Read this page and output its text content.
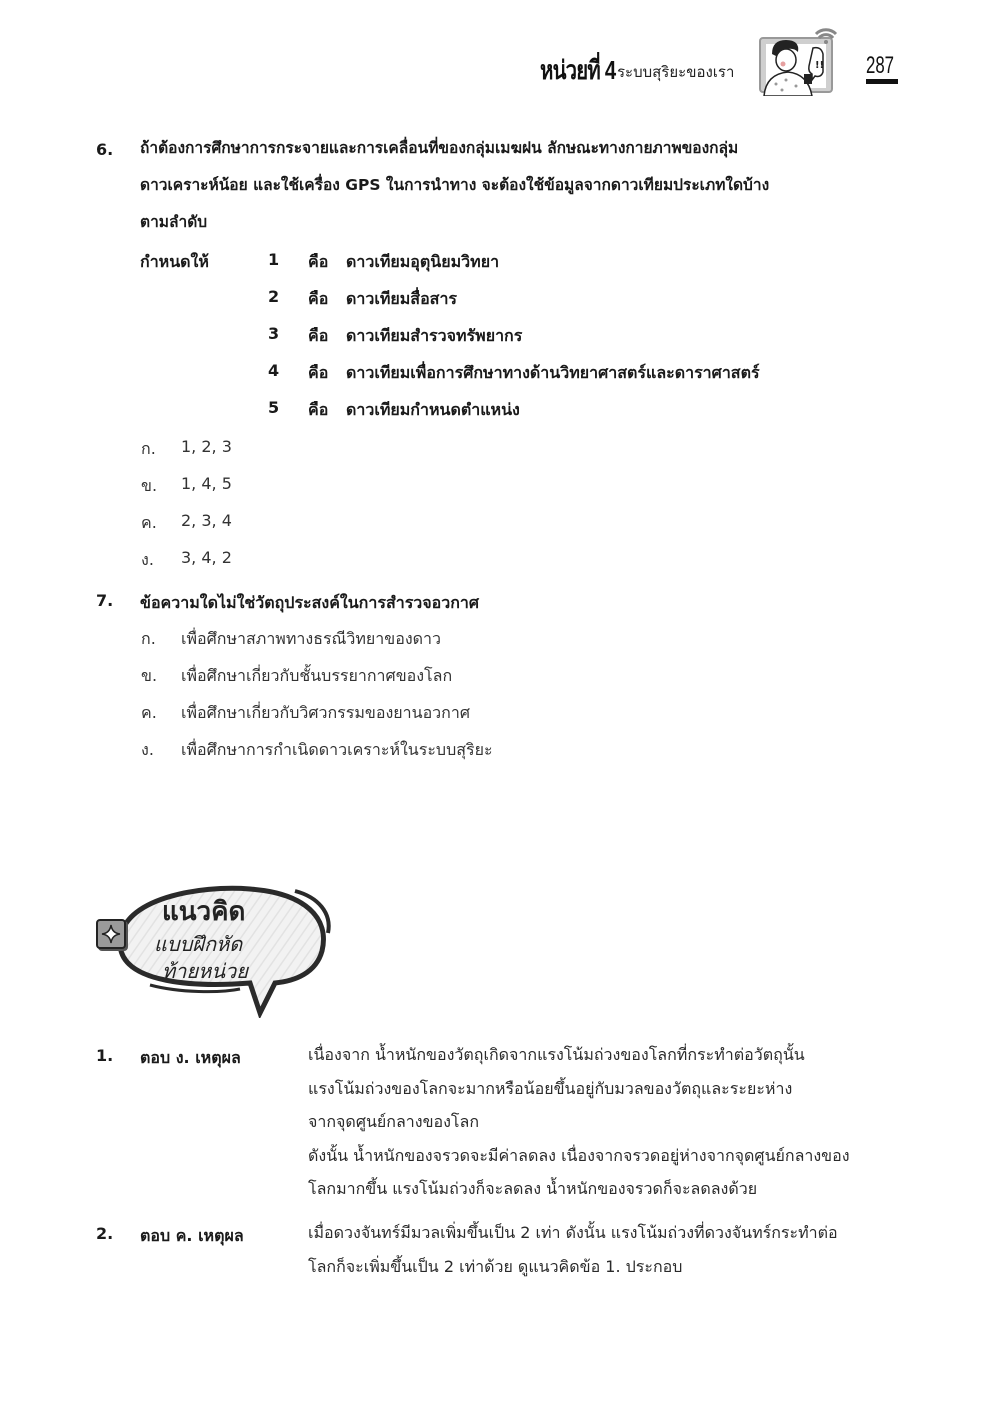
หน่วยที่ 4 ระบบสุริยะของเรา	!! 287
6. ถ้าต้องการศึกษาการกระจายและการเคลื่อนที่ของกลุ่มเมฆฝน ลักษณะทางกายภาพของกลุ่ม
ดาวเคราะห์น้อย และใช้เครื่อง GPS ในการนำทาง จะต้องใช้ข้อมูลจากดาวเทียมประเภทใดบ้าง
ตามลำดับ
กำหนดให้	1 คือ ดาวเทียมอุตุนิยมวิทยา
2 คือ ดาวเทียมสื่อสาร
3 คือ ดาวเทียมสำรวจทรัพยากร
4 คือ ดาวเทียมเพื่อการศึกษาทางด้านวิทยาศาสตร์และดาราศาสตร์
5 คือ ดาวเทียมกำหนดตำแหน่ง
ก. 1, 2, 3
ข. 1, 4, 5
ค. 2, 3, 4
ง. 3, 4, 2
7. ข้อความใดไม่ใช่วัตถุประสงค์ในการสำรวจอวกาศ
ก. เพื่อศึกษาสภาพทางธรณีวิทยาของดาว
ข. เพื่อศึกษาเกี่ยวกับชั้นบรรยากาศของโลก
ค. เพื่อศึกษาเกี่ยวกับวิศวกรรมของยานอวกาศ
ง. เพื่อศึกษาการกำเนิดดาวเคราะห์ในระบบสุริยะ
แนวคิด
แบบฝึกหัด
ท้ายหน่วย
1. ตอบ ง. เหตุผล	เนื่องจาก น้ำหนักของวัตถุเกิดจากแรงโน้มถ่วงของโลกที่กระทำต่อวัตถุนั้น
แรงโน้มถ่วงของโลกจะมากหรือน้อยขึ้นอยู่กับมวลของวัตถุและระยะห่าง
จากจุดศูนย์กลางของโลก
ดังนั้น น้ำหนักของจรวดจะมีค่าลดลง เนื่องจากจรวดอยู่ห่างจากจุดศูนย์กลางของ
โลกมากขึ้น แรงโน้มถ่วงก็จะลดลง น้ำหนักของจรวดก็จะลดลงด้วย
2. ตอบ ค. เหตุผล	เมื่อดวงจันทร์มีมวลเพิ่มขึ้นเป็น 2 เท่า ดังนั้น แรงโน้มถ่วงที่ดวงจันทร์กระทำต่อ
โลกก็จะเพิ่มขึ้นเป็น 2 เท่าด้วย ดูแนวคิดข้อ 1. ประกอบ
